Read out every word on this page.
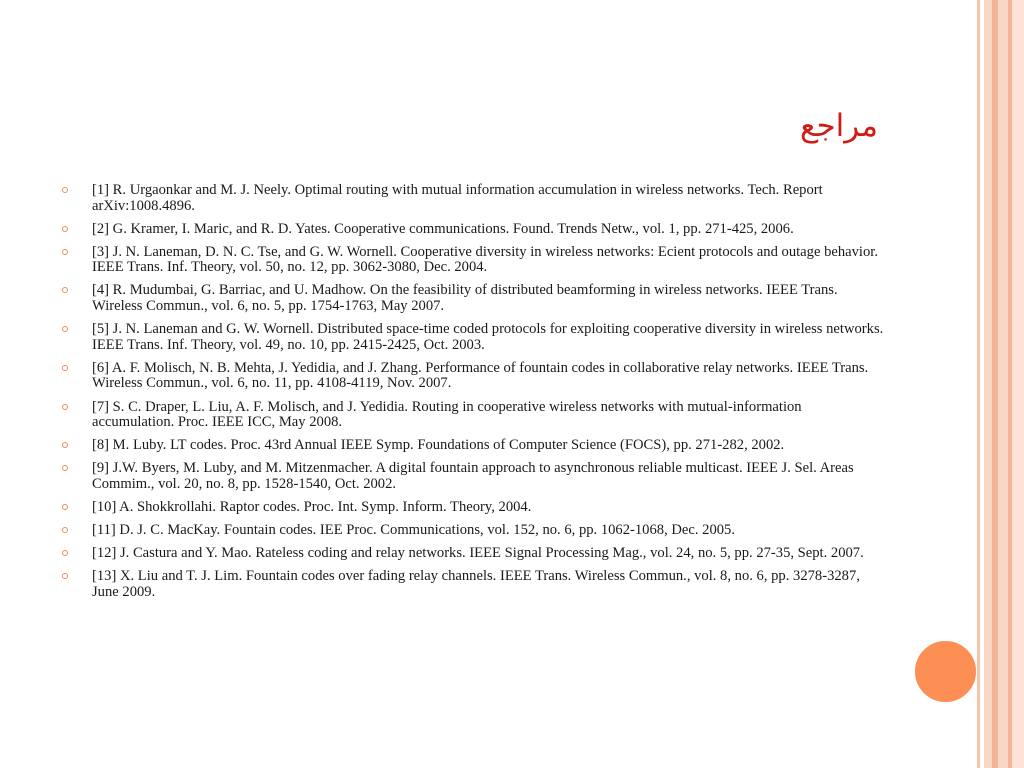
مراجع
[1] R. Urgaonkar and M. J. Neely. Optimal routing with mutual information accumulation in wireless networks. Tech. Report arXiv:1008.4896.
[2] G. Kramer, I. Maric, and R. D. Yates. Cooperative communications. Found. Trends Netw., vol. 1, pp. 271-425, 2006.
[3] J. N. Laneman, D. N. C. Tse, and G. W. Wornell. Cooperative diversity in wireless networks: Ecient protocols and outage behavior. IEEE Trans. Inf. Theory, vol. 50, no. 12, pp. 3062-3080, Dec. 2004.
[4] R. Mudumbai, G. Barriac, and U. Madhow. On the feasibility of distributed beamforming in wireless networks. IEEE Trans. Wireless Commun., vol. 6, no. 5, pp. 1754-1763, May 2007.
[5] J. N. Laneman and G. W. Wornell. Distributed space-time coded protocols for exploiting cooperative diversity in wireless networks. IEEE Trans. Inf. Theory, vol. 49, no. 10, pp. 2415-2425, Oct. 2003.
[6] A. F. Molisch, N. B. Mehta, J. Yedidia, and J. Zhang. Performance of fountain codes in collaborative relay networks. IEEE Trans. Wireless Commun., vol. 6, no. 11, pp. 4108-4119, Nov. 2007.
[7] S. C. Draper, L. Liu, A. F. Molisch, and J. Yedidia. Routing in cooperative wireless networks with mutual-information accumulation. Proc. IEEE ICC, May 2008.
[8] M. Luby. LT codes. Proc. 43rd Annual IEEE Symp. Foundations of Computer Science (FOCS), pp. 271-282, 2002.
[9] J.W. Byers, M. Luby, and M. Mitzenmacher. A digital fountain approach to asynchronous reliable multicast. IEEE J. Sel. Areas Commim., vol. 20, no. 8, pp. 1528-1540, Oct. 2002.
[10] A. Shokkrollahi. Raptor codes. Proc. Int. Symp. Inform. Theory, 2004.
[11] D. J. C. MacKay. Fountain codes. IEE Proc. Communications, vol. 152, no. 6, pp. 1062-1068, Dec. 2005.
[12] J. Castura and Y. Mao. Rateless coding and relay networks. IEEE Signal Processing Mag., vol. 24, no. 5, pp. 27-35, Sept. 2007.
[13] X. Liu and T. J. Lim. Fountain codes over fading relay channels. IEEE Trans. Wireless Commun., vol. 8, no. 6, pp. 3278-3287, June 2009.
